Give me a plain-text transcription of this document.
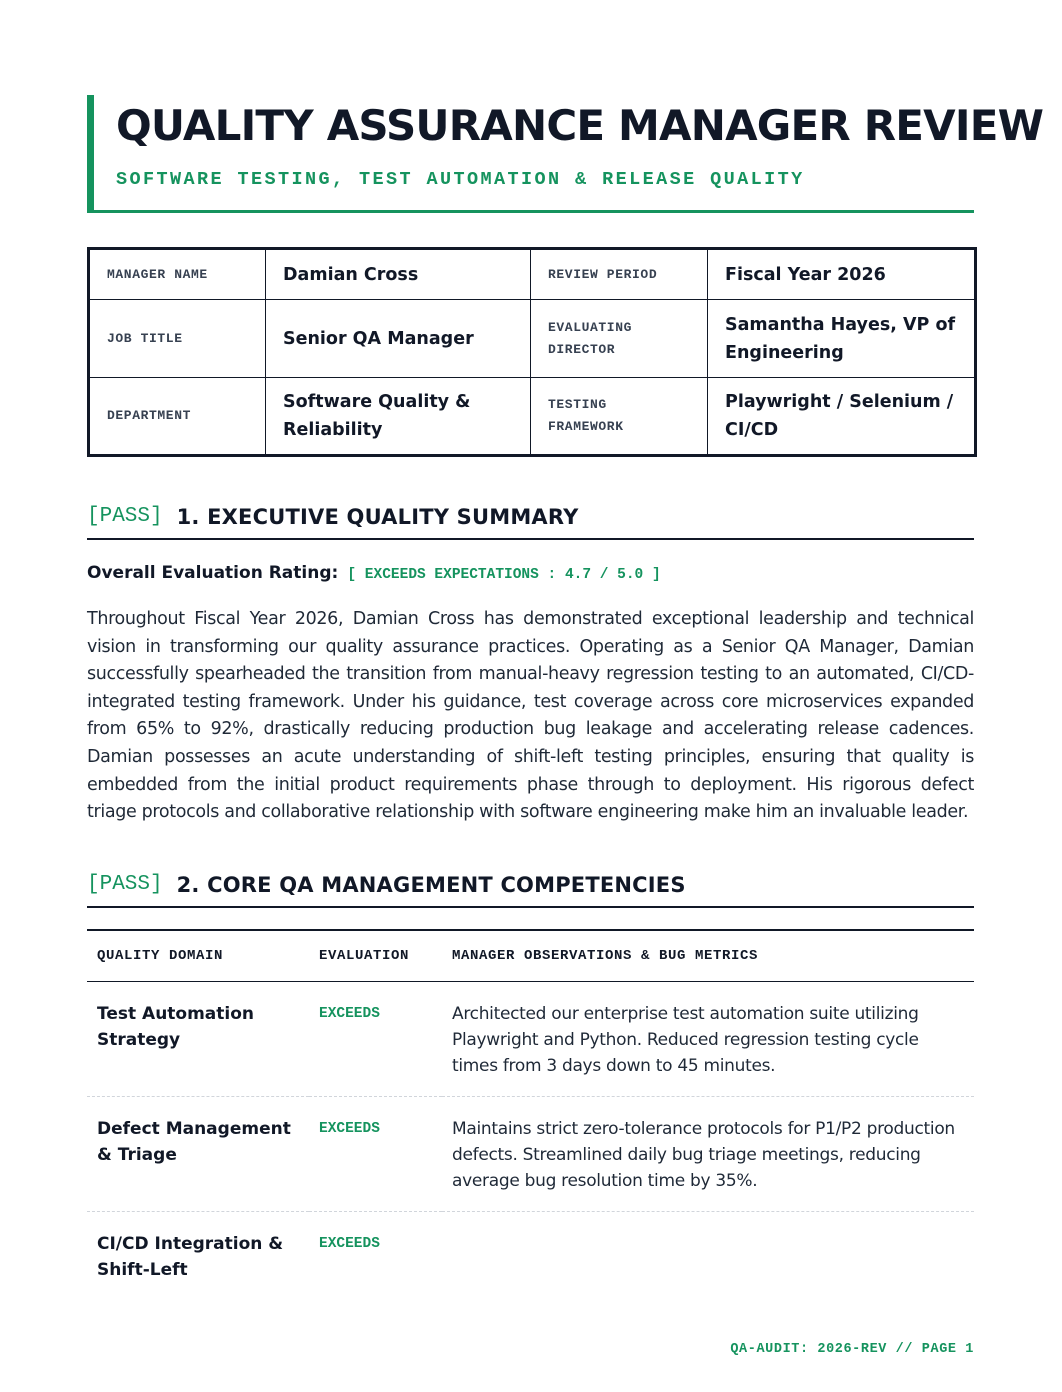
QUALITY ASSURANCE MANAGER REVIEW
SOFTWARE TESTING, TEST AUTOMATION & RELEASE QUALITY
MANAGER NAME	Damian Cross	REVIEW PERIOD	Fiscal Year 2026
JOB TITLE	Senior QA Manager	EVALUATING DIRECTOR	Samantha Hayes, VP of Engineering
DEPARTMENT	Software Quality & Reliability	TESTING FRAMEWORK	Playwright / Selenium / CI/CD
[PASS] 1. EXECUTIVE QUALITY SUMMARY
Overall Evaluation Rating: [ EXCEEDS EXPECTATIONS : 4.7 / 5.0 ]

Throughout Fiscal Year 2026, Damian Cross has demonstrated exceptional leadership and technical vision in transforming our quality assurance practices. Operating as a Senior QA Manager, Damian successfully spearheaded the transition from manual-heavy regression testing to an automated, CI/CD-integrated testing framework. Under his guidance, test coverage across core microservices expanded from 65% to 92%, drastically reducing production bug leakage and accelerating release cadences. Damian possesses an acute understanding of shift-left testing principles, ensuring that quality is embedded from the initial product requirements phase through to deployment. His rigorous defect triage protocols and collaborative relationship with software engineering make him an invaluable leader.

[PASS] 2. CORE QA MANAGEMENT COMPETENCIES
QUALITY DOMAIN	EVALUATION	MANAGER OBSERVATIONS & BUG METRICS
Test Automation Strategy	EXCEEDS	Architected our enterprise test automation suite utilizing Playwright and Python. Reduced regression testing cycle times from 3 days down to 45 minutes.
Defect Management & Triage	EXCEEDS	Maintains strict zero-tolerance protocols for P1/P2 production defects. Streamlined daily bug triage meetings, reducing average bug resolution time by 35%.
CI/CD Integration & Shift-Left	EXCEEDS	
QA-AUDIT: 2026-REV // PAGE 1
